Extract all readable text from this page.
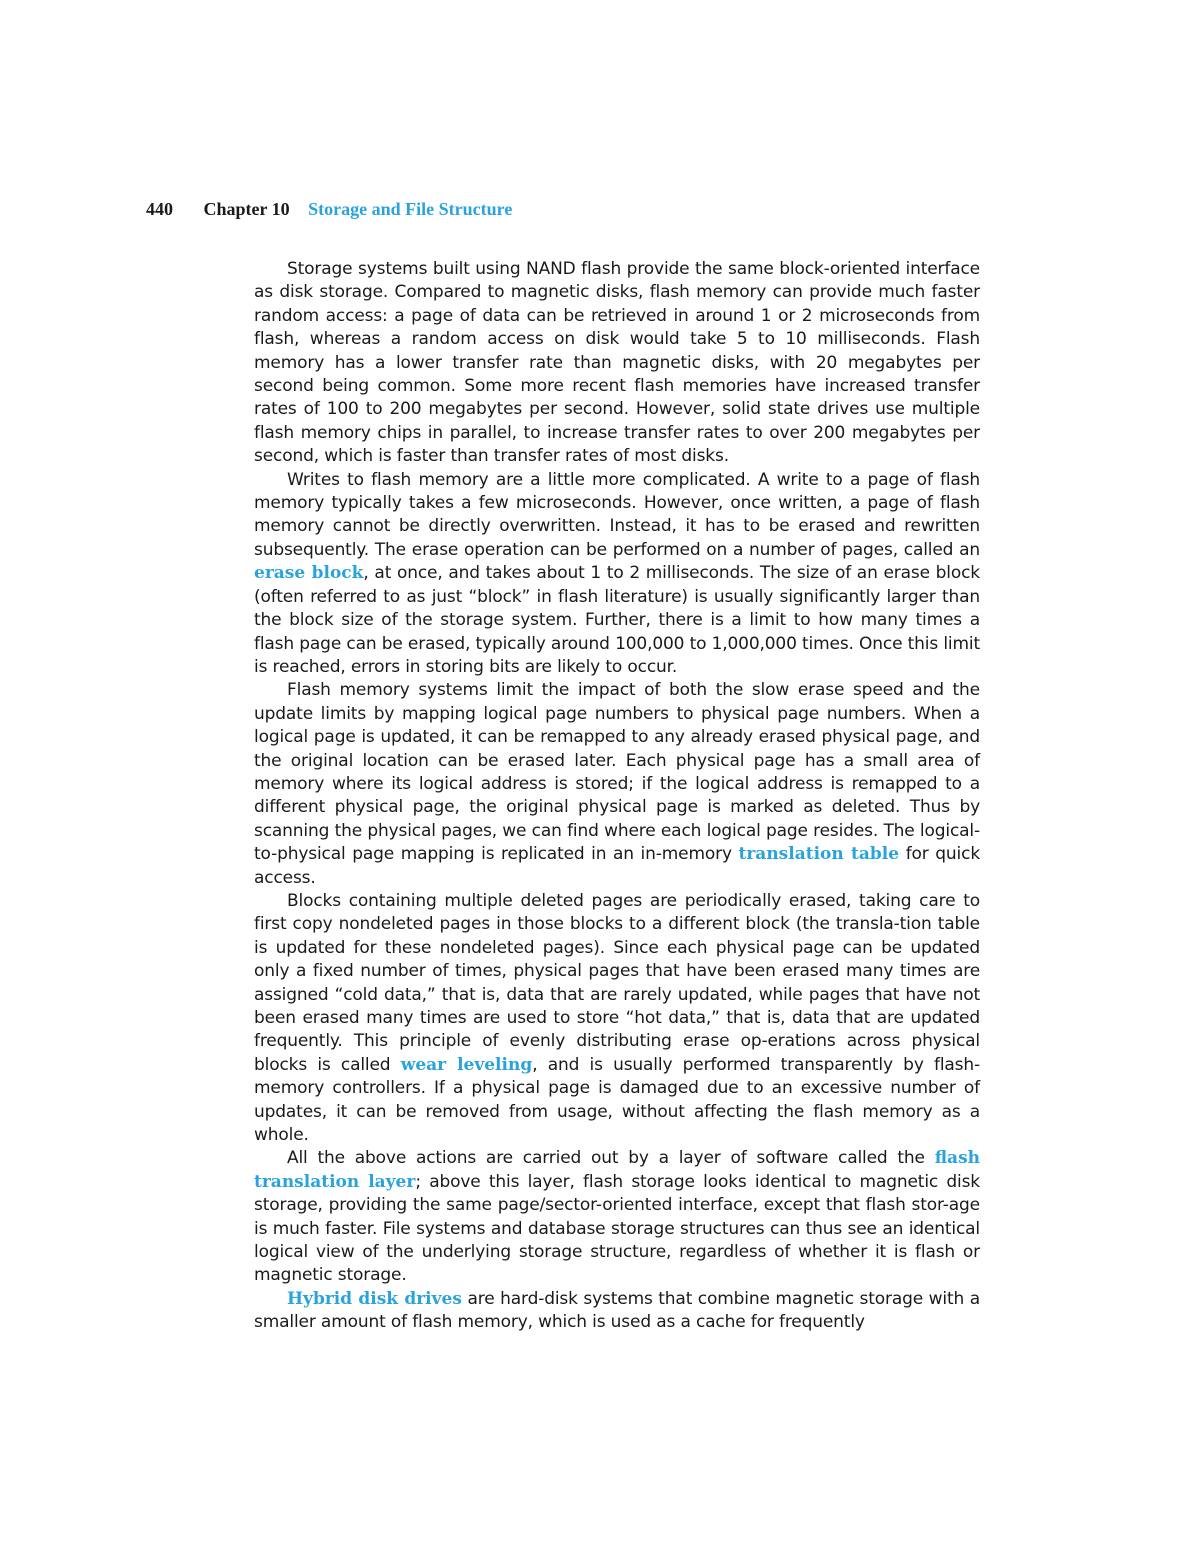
440 Chapter 10 Storage and File Structure

Storage systems built using NAND flash provide the same block-oriented interface as disk storage. Compared to magnetic disks, flash memory can provide much faster random access: a page of data can be retrieved in around 1 or 2 microseconds from flash, whereas a random access on disk would take 5 to 10 milliseconds. Flash memory has a lower transfer rate than magnetic disks, with 20 megabytes per second being common. Some more recent flash memories have increased transfer rates of 100 to 200 megabytes per second. However, solid state drives use multiple flash memory chips in parallel, to increase transfer rates to over 200 megabytes per second, which is faster than transfer rates of most disks.

Writes to flash memory are a little more complicated. A write to a page of flash memory typically takes a few microseconds. However, once written, a page of flash memory cannot be directly overwritten. Instead, it has to be erased and rewritten subsequently. The erase operation can be performed on a number of pages, called an erase block, at once, and takes about 1 to 2 milliseconds. The size of an erase block (often referred to as just “block” in flash literature) is usually significantly larger than the block size of the storage system. Further, there is a limit to how many times a flash page can be erased, typically around 100,000 to 1,000,000 times. Once this limit is reached, errors in storing bits are likely to occur.

Flash memory systems limit the impact of both the slow erase speed and the update limits by mapping logical page numbers to physical page numbers. When a logical page is updated, it can be remapped to any already erased physical page, and the original location can be erased later. Each physical page has a small area of memory where its logical address is stored; if the logical address is remapped to a different physical page, the original physical page is marked as deleted. Thus by scanning the physical pages, we can find where each logical page resides. The logical-to-physical page mapping is replicated in an in-memory translation table for quick access.

Blocks containing multiple deleted pages are periodically erased, taking care to first copy nondeleted pages in those blocks to a different block (the transla-tion table is updated for these nondeleted pages). Since each physical page can be updated only a fixed number of times, physical pages that have been erased many times are assigned “cold data,” that is, data that are rarely updated, while pages that have not been erased many times are used to store “hot data,” that is, data that are updated frequently. This principle of evenly distributing erase op-erations across physical blocks is called wear leveling, and is usually performed transparently by flash-memory controllers. If a physical page is damaged due to an excessive number of updates, it can be removed from usage, without affecting the flash memory as a whole.

All the above actions are carried out by a layer of software called the flash translation layer; above this layer, flash storage looks identical to magnetic disk storage, providing the same page/sector-oriented interface, except that flash stor-age is much faster. File systems and database storage structures can thus see an identical logical view of the underlying storage structure, regardless of whether it is flash or magnetic storage.

Hybrid disk drives are hard-disk systems that combine magnetic storage with a smaller amount of flash memory, which is used as a cache for frequently
